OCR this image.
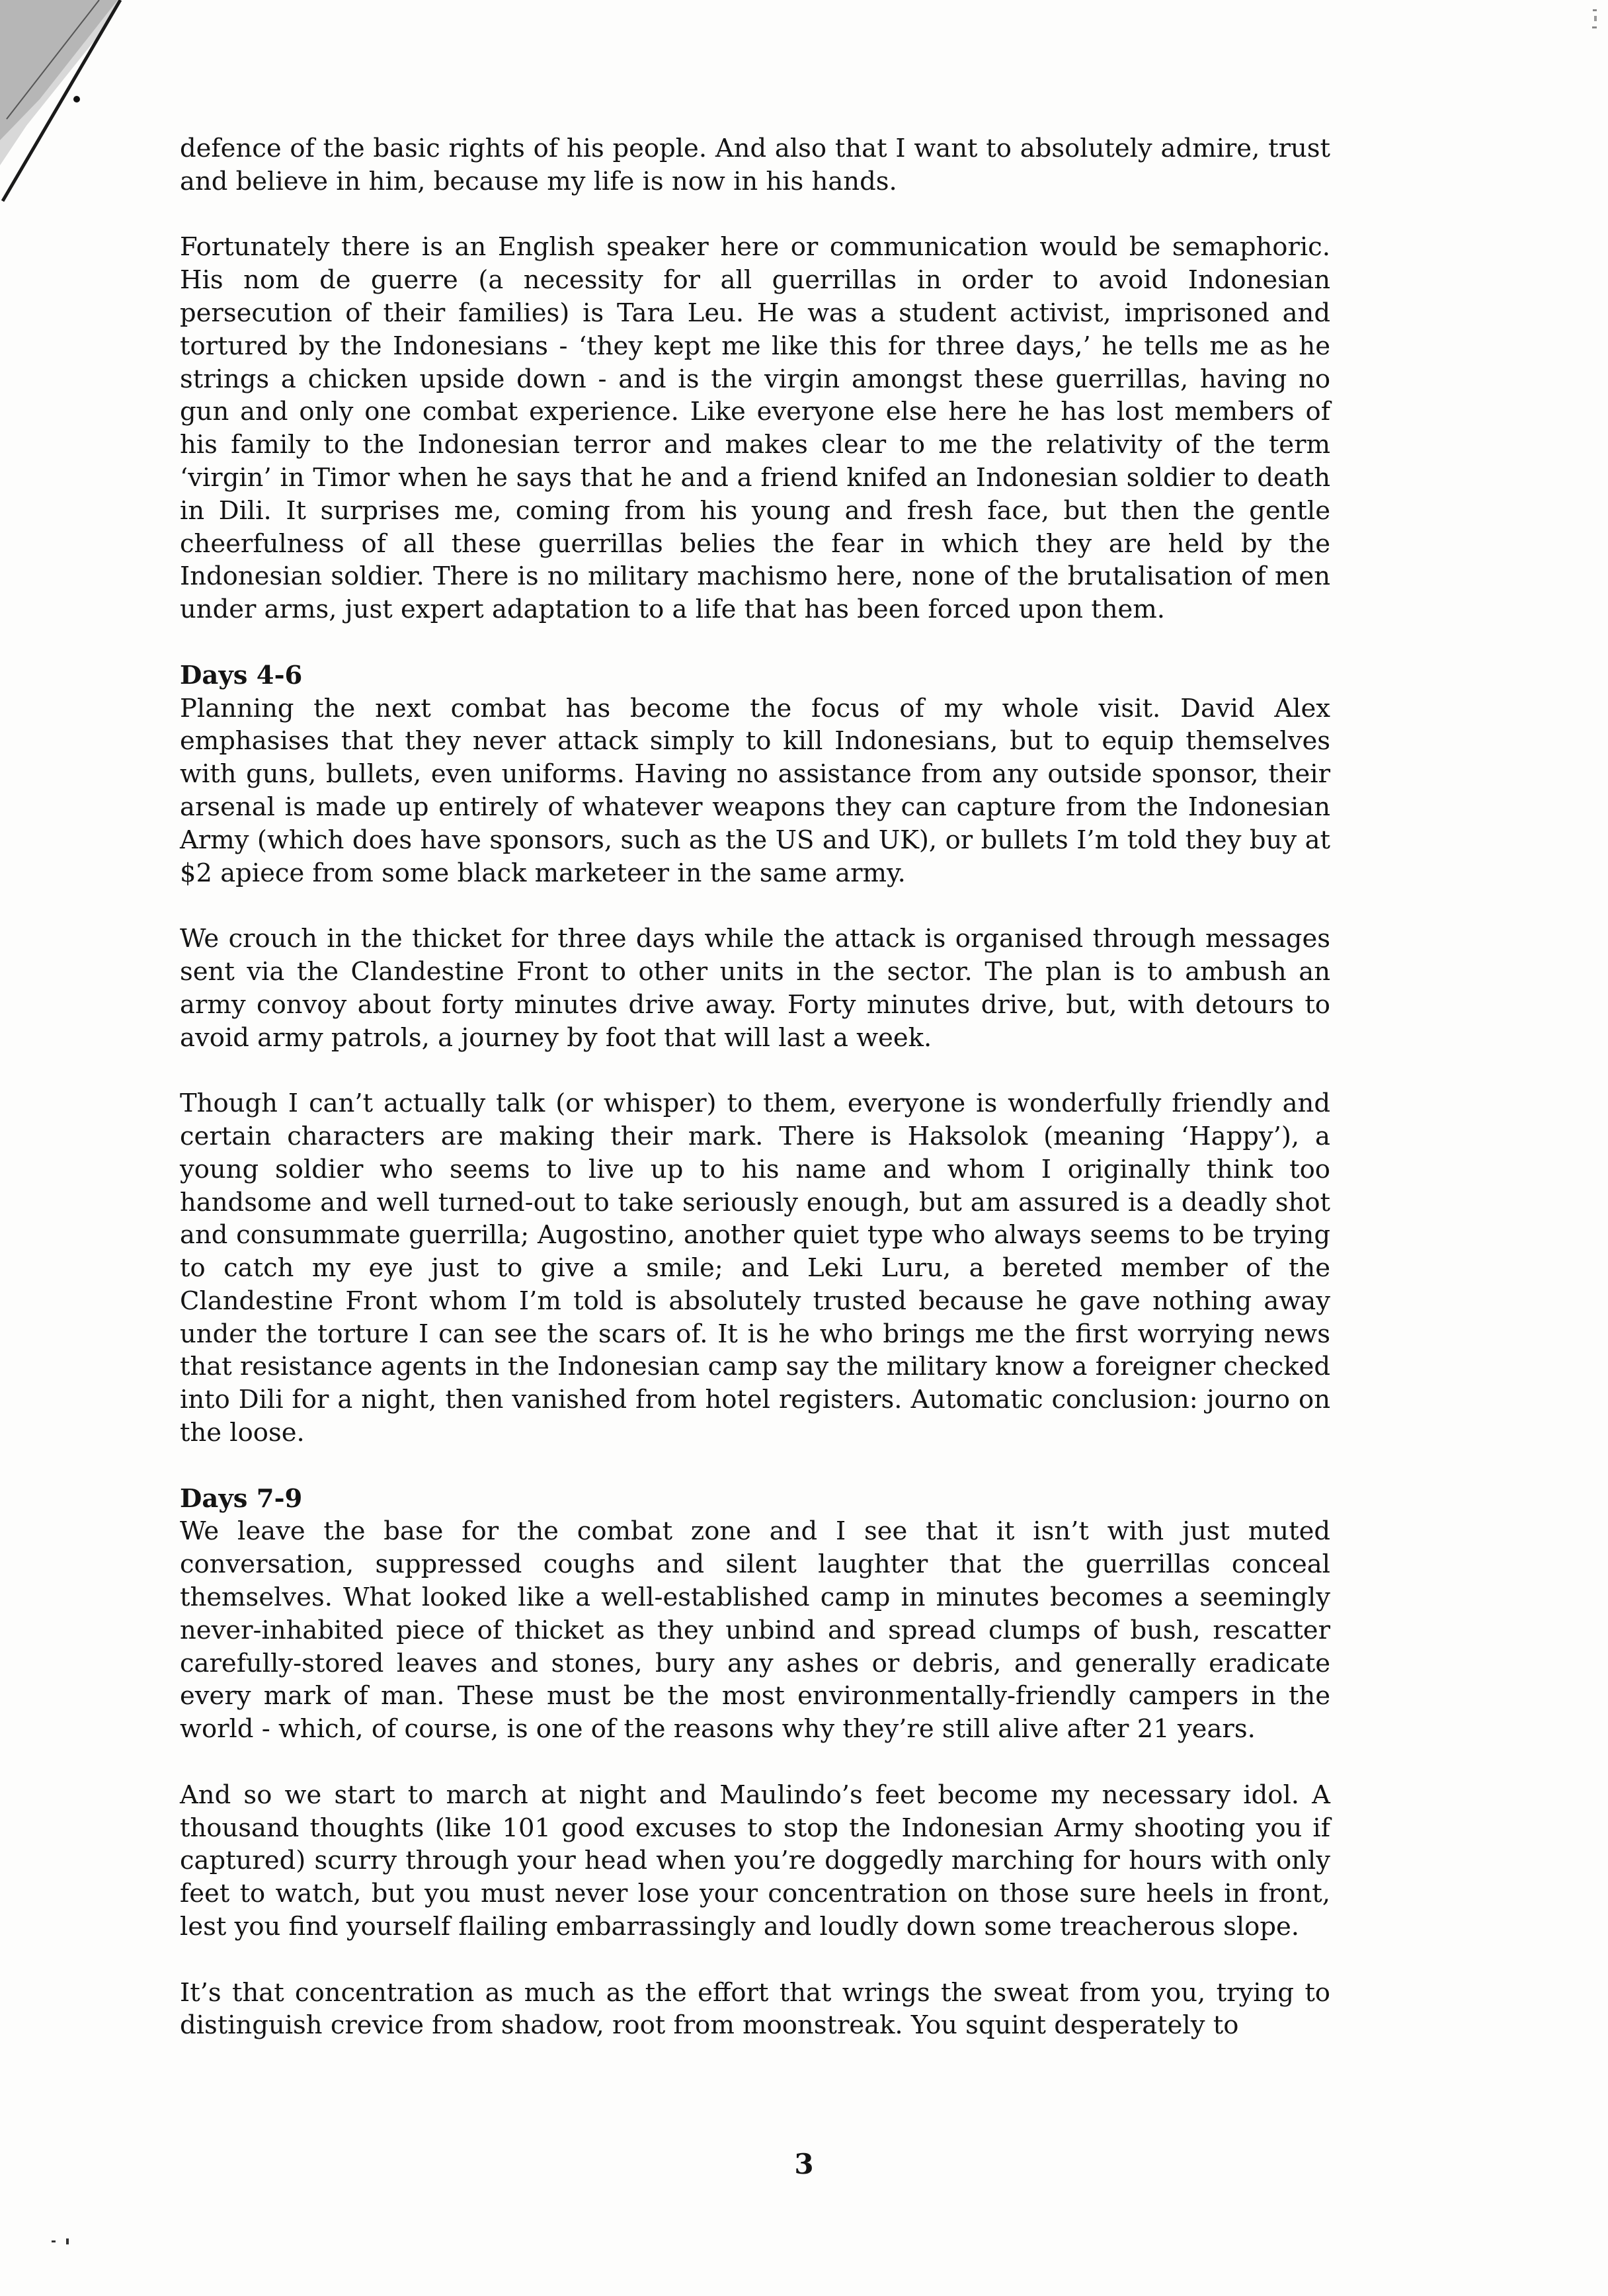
defence of the basic rights of his people. And also that I want to absolutely admire, trust and believe in him, because my life is now in his hands.

Fortunately there is an English speaker here or communication would be semaphoric. His nom de guerre (a necessity for all guerrillas in order to avoid Indonesian persecution of their families) is Tara Leu. He was a student activist, imprisoned and tortured by the Indonesians - ‘they kept me like this for three days,’ he tells me as he strings a chicken upside down - and is the virgin amongst these guerrillas, having no gun and only one combat experience. Like everyone else here he has lost members of his family to the Indonesian terror and makes clear to me the relativity of the term ‘virgin’ in Timor when he says that he and a friend knifed an Indonesian soldier to death in Dili. It surprises me, coming from his young and fresh face, but then the gentle cheerfulness of all these guerrillas belies the fear in which they are held by the Indonesian soldier. There is no military machismo here, none of the brutalisation of men under arms, just expert adaptation to a life that has been forced upon them.

Days 4-6

Planning the next combat has become the focus of my whole visit. David Alex emphasises that they never attack simply to kill Indonesians, but to equip themselves with guns, bullets, even uniforms. Having no assistance from any outside sponsor, their arsenal is made up entirely of whatever weapons they can capture from the Indonesian Army (which does have sponsors, such as the US and UK), or bullets I’m told they buy at $2 apiece from some black marketeer in the same army.

We crouch in the thicket for three days while the attack is organised through messages sent via the Clandestine Front to other units in the sector. The plan is to ambush an army convoy about forty minutes drive away. Forty minutes drive, but, with detours to avoid army patrols, a journey by foot that will last a week.

Though I can’t actually talk (or whisper) to them, everyone is wonderfully friendly and certain characters are making their mark. There is Haksolok (meaning ‘Happy’), a young soldier who seems to live up to his name and whom I originally think too handsome and well turned-out to take seriously enough, but am assured is a deadly shot and consummate guerrilla; Augostino, another quiet type who always seems to be trying to catch my eye just to give a smile; and Leki Luru, a bereted member of the Clandestine Front whom I’m told is absolutely trusted because he gave nothing away under the torture I can see the scars of. It is he who brings me the first worrying news that resistance agents in the Indonesian camp say the military know a foreigner checked into Dili for a night, then vanished from hotel registers. Automatic conclusion: journo on the loose.

Days 7-9

We leave the base for the combat zone and I see that it isn’t with just muted conversation, suppressed coughs and silent laughter that the guerrillas conceal themselves. What looked like a well-established camp in minutes becomes a seemingly never-inhabited piece of thicket as they unbind and spread clumps of bush, rescatter carefully-stored leaves and stones, bury any ashes or debris, and generally eradicate every mark of man. These must be the most environmentally-friendly campers in the world - which, of course, is one of the reasons why they’re still alive after 21 years.

And so we start to march at night and Maulindo’s feet become my necessary idol. A thousand thoughts (like 101 good excuses to stop the Indonesian Army shooting you if captured) scurry through your head when you’re doggedly marching for hours with only feet to watch, but you must never lose your concentration on those sure heels in front, lest you find yourself flailing embarrassingly and loudly down some treacherous slope.

It’s that concentration as much as the effort that wrings the sweat from you, trying to distinguish crevice from shadow, root from moonstreak. You squint desperately to

3
